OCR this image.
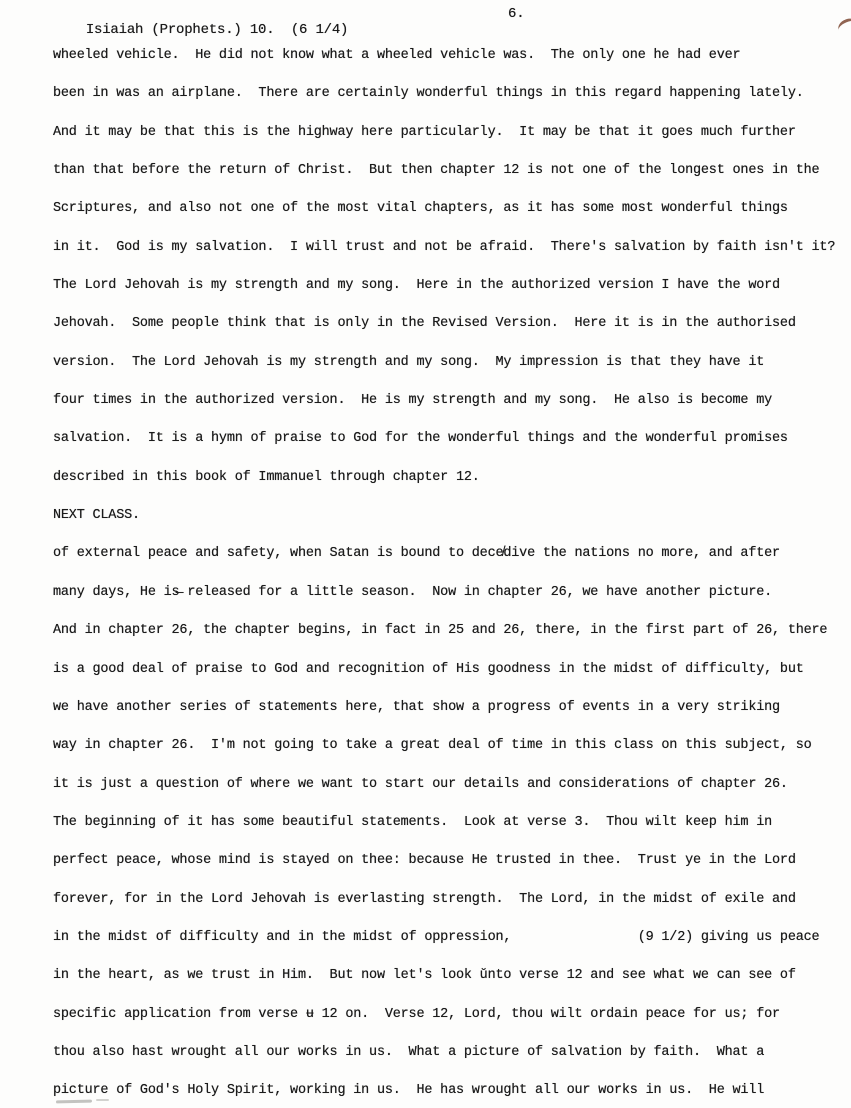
Isiaiah (Prophets.) 10.  (6 1/4)

6.

wheeled vehicle.  He did not know what a wheeled vehicle was.  The only one he had ever
been in was an airplane.  There are certainly wonderful things in this regard happening lately.
And it may be that this is the highway here particularly.  It may be that it goes much further
than that before the return of Christ.  But then chapter 12 is not one of the longest ones in the
Scriptures, and also not one of the most vital chapters, as it has some most wonderful things
in it.  God is my salvation.  I will trust and not be afraid.  There's salvation by faith isn't it?
The Lord Jehovah is my strength and my song.  Here in the authorized version I have the word
Jehovah.  Some people think that is only in the Revised Version.  Here it is in the authorised
version.  The Lord Jehovah is my strength and my song.  My impression is that they have it
four times in the authorized version.  He is my strength and my song.  He also is become my
salvation.  It is a hymn of praise to God for the wonderful things and the wonderful promises
described in this book of Immanuel through chapter 12.
NEXT CLASS.
of external peace and safety, when Satan is bound to dece̸dive the nations no more, and after
many days, He is̶ released for a little season.  Now in chapter 26, we have another picture.
And in chapter 26, the chapter begins, in fact in 25 and 26, there, in the first part of 26, there
is a good deal of praise to God and recognition of His goodness in the midst of difficulty, but
we have another series of statements here, that show a progress of events in a very striking
way in chapter 26.  I'm not going to take a great deal of time in this class on this subject, so
it is just a question of where we want to start our details and considerations of chapter 26.
The beginning of it has some beautiful statements.  Look at verse 3.  Thou wilt keep him in
perfect peace, whose mind is stayed on thee: because He trusted in thee.  Trust ye in the Lord
forever, for in the Lord Jehovah is everlasting strength.  The Lord, in the midst of exile and
in the midst of difficulty and in the midst of oppression,                (9 1/2) giving us peace
in the heart, as we trust in Him.  But now let's look ŭnto verse 12 and see what we can see of
specific application from verse ʉ 12 on.  Verse 12, Lord, thou wilt ordain peace for us; for
thou also hast wrought all our works in us.  What a picture of salvation by faith.  What a
picture of God's Holy Spirit, working in us.  He has wrought all our works in us.  He will
